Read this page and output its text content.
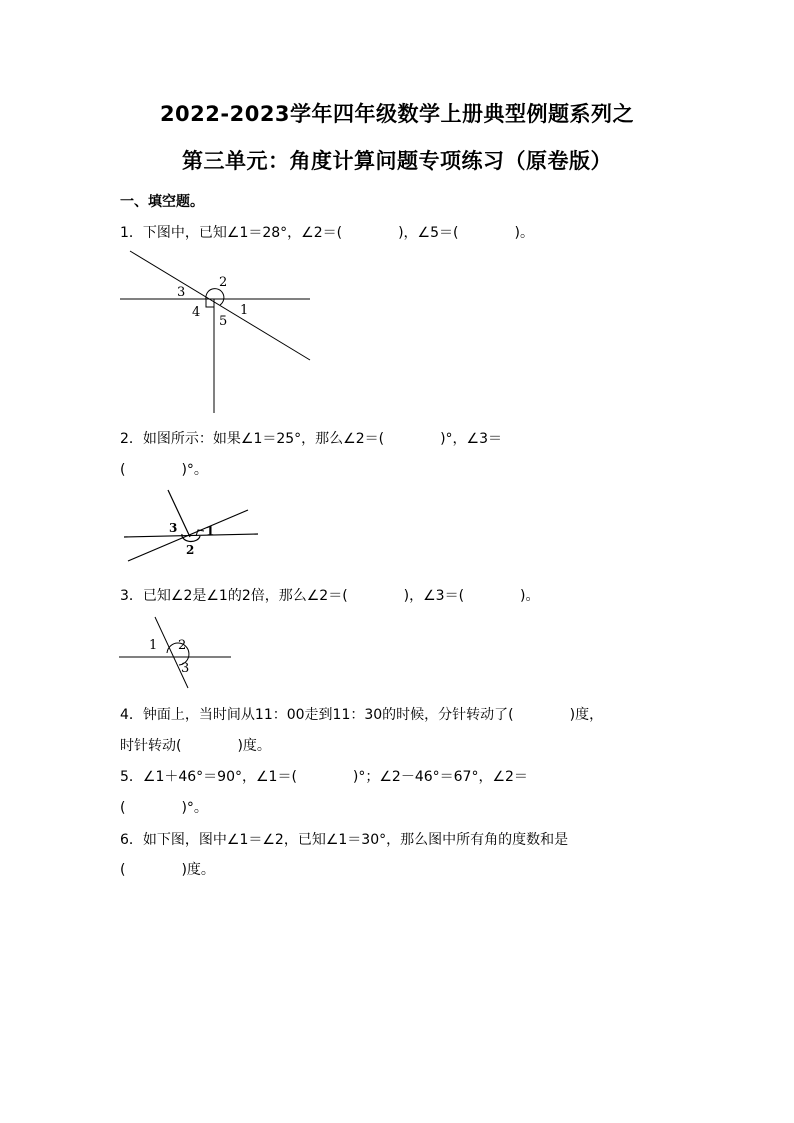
2022-2023学年四年级数学上册典型例题系列之
第三单元：角度计算问题专项练习（原卷版）
一、填空题。
1．下图中，已知∠1＝28°，∠2＝(　　　　)，∠5＝(　　　　)。
2
3
4
5
1
2．如图所示：如果∠1＝25°，那么∠2＝(　　　　)°，∠3＝
(　　　　)°。
3 1
2
3．已知∠2是∠1的2倍，那么∠2＝(　　　　)，∠3＝(　　　　)。
1 2
3
4．钟面上，当时间从11：00走到11：30的时候，分针转动了(　　　　)度，
时针转动(　　　　)度。
5．∠1＋46°＝90°，∠1＝(　　　　)°；∠2－46°＝67°，∠2＝
(　　　　)°。
6．如下图，图中∠1＝∠2，已知∠1＝30°，那么图中所有角的度数和是
(　　　　)度。
